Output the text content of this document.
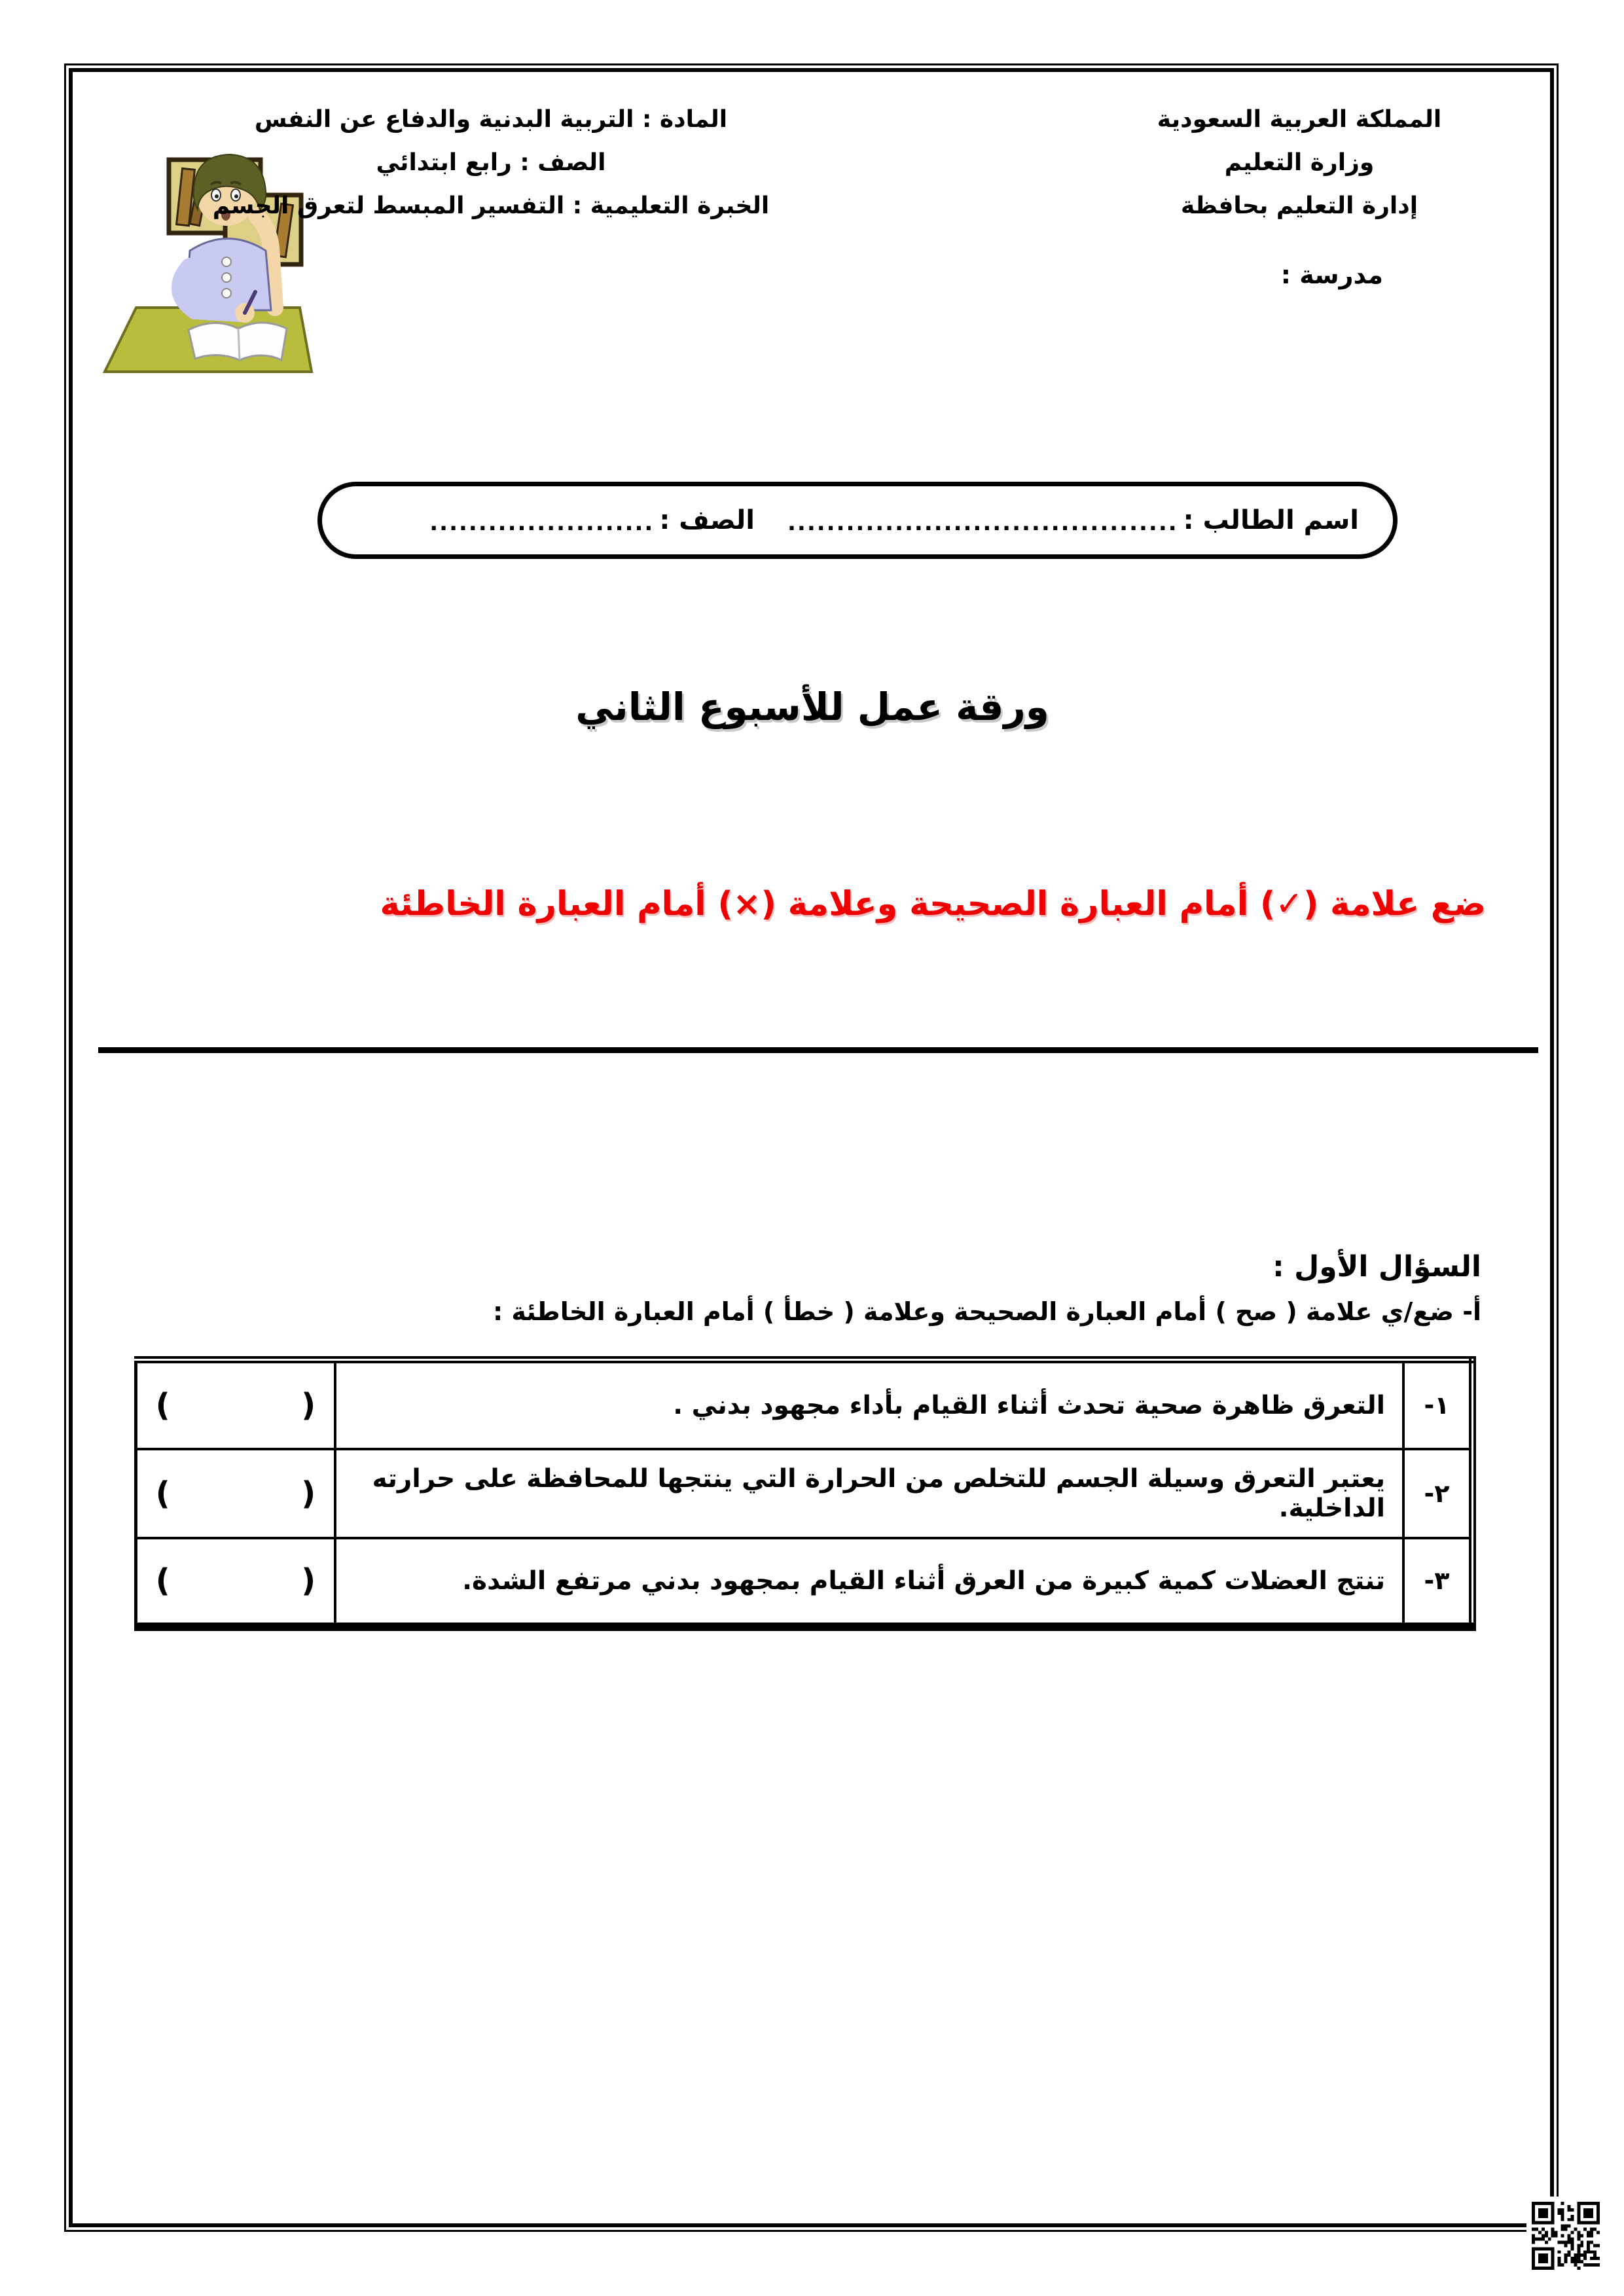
المملكة العربية السعودية
وزارة التعليم
إدارة التعليم بحافظة
مدرسة :
المادة : التربية البدنية والدفاع عن النفس
الصف : رابع ابتدائي
الخبرة التعليمية : التفسير المبسط لتعرق الجسم
اسم الطالب :
........................................
الصف :
.......................
ورقة عمل للأسبوع الثاني
ضع علامة (✓) أمام العبارة الصحيحة وعلامة (×) أمام العبارة الخاطئة
السؤال الأول :
أ- ضع/ي علامة ( صح ) أمام العبارة الصحيحة وعلامة ( خطأ ) أمام العبارة الخاطئة :
١-	التعرق ظاهرة صحية تحدث أثناء القيام بأداء مجهود بدني .	(            )
٢-	يعتبر التعرق وسيلة الجسم للتخلص من الحرارة التي ينتجها للمحافظة على حرارته الداخلية.	(            )
٣-	تنتج العضلات كمية كبيرة من العرق أثناء القيام بمجهود بدني مرتفع الشدة.	(            )
